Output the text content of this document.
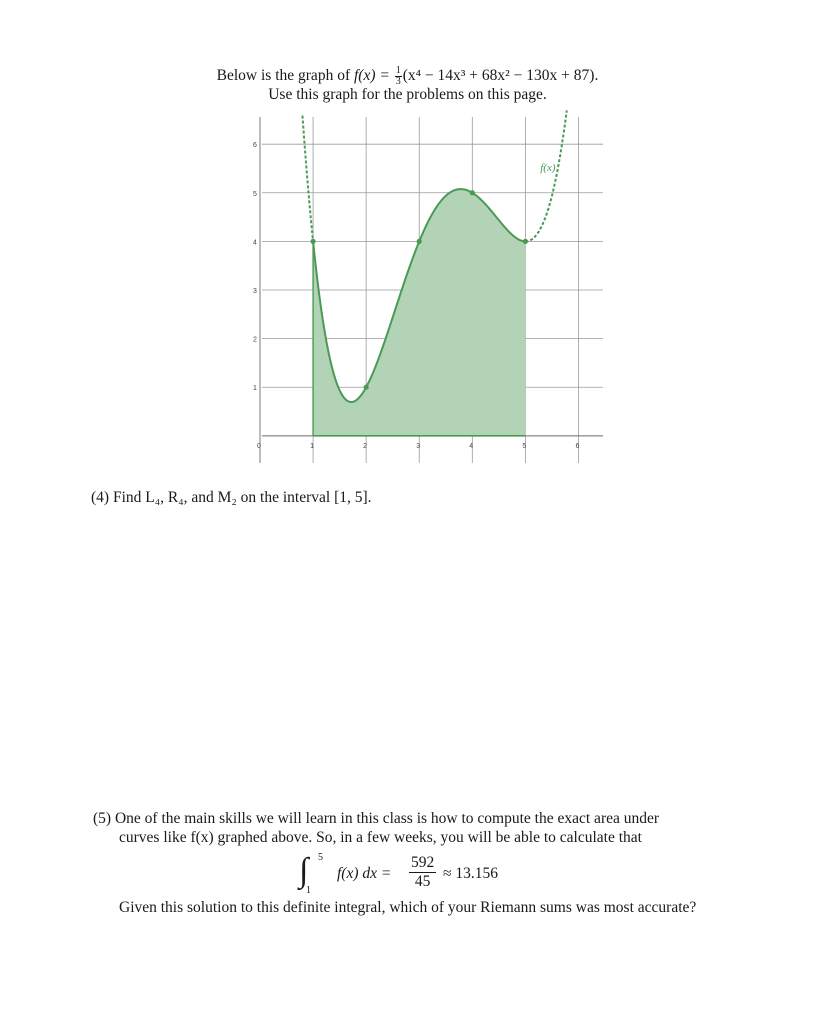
Below is the graph of $f(x) = \frac{1}{3} (x^4 - 14x^3 + 68x^2 - 130x + 87)$.
Use this graph for the problems on this page.
f(x)
0	1	2	3	4	5	6
1
2
3
4
5
6
(4) Find L₄, R₄, and M₂ on the interval [1, 5].
(5) One of the main skills we will learn in this class is how to compute the exact area under
curves like f(x) graphed above. So, in a few weeks, you will be able to calculate that
∫ 5
1
f(x) dx = $\frac{592}{45} \approx 13.156$
Given this solution to this definite integral, which of your Riemann sums was most accurate?
